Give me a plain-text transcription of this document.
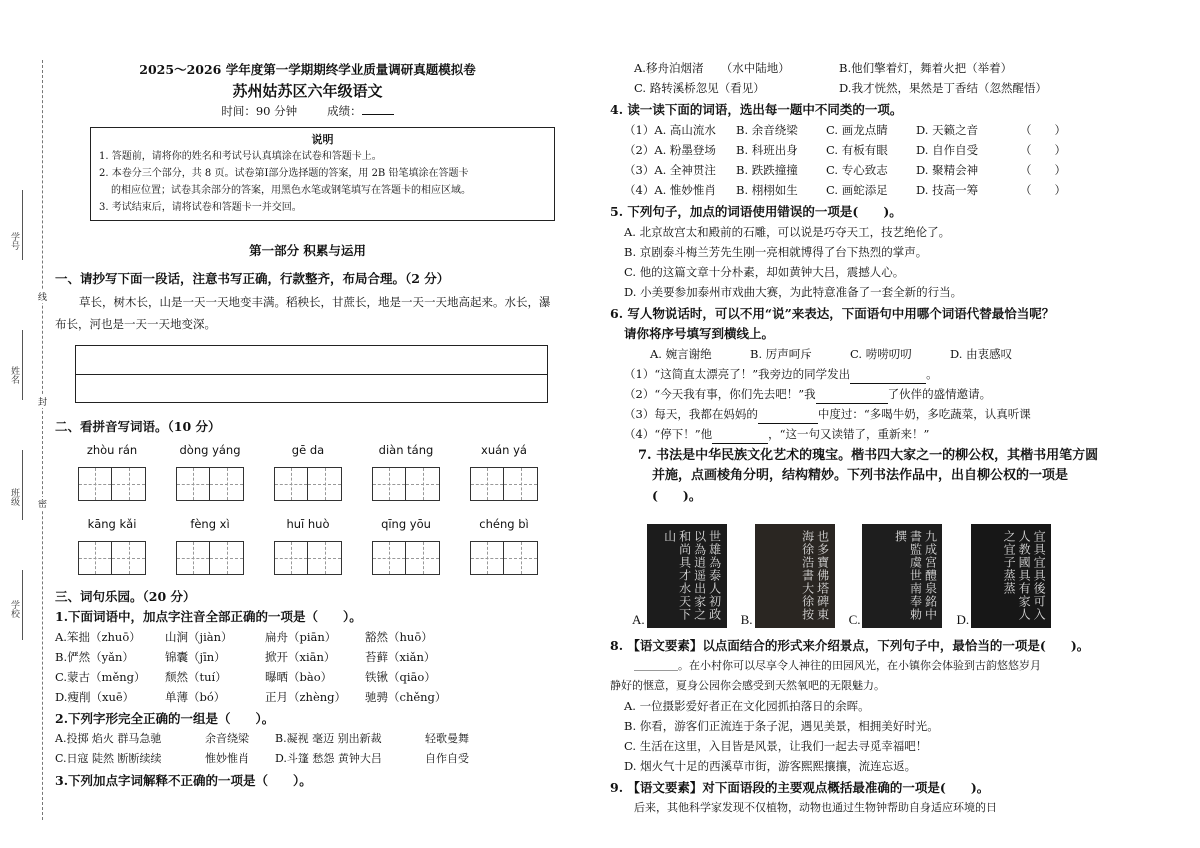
学号
姓名
班级
学校
线
封
密
2025～2026 学年度第一学期期终学业质量调研真题模拟卷
苏州姑苏区六年级语文
时间：90 分钟	成绩：
说明

1. 答题前，请将你的姓名和考试号认真填涂在试卷和答题卡上。

2. 本卷分三个部分，共 8 页。试卷第Ⅰ部分选择题的答案，用 2B 铅笔填涂在答题卡

的相应位置；试卷其余部分的答案，用黑色水笔或钢笔填写在答题卡的相应区域。

3. 考试结束后，请将试卷和答题卡一并交回。

第一部分 积累与运用
一、请抄写下面一段话，注意书写正确，行款整齐，布局合理。（2 分）
草长，树木长，山是一天一天地变丰满。稻秧长，甘蔗长，地是一天一天地高起来。水长，瀑布长，河也是一天一天地变深。
二、看拼音写词语。（10 分）
zhòu rán	dòng yáng	gē da	diàn táng	xuán yá
kāng kǎi	fèng xì	huī huò	qīng yōu	chéng bì
三、词句乐园。（20 分）
1.下面词语中，加点字注音全部正确的一项是（　　）。
A.笨拙（zhuō）	山涧（jiàn）	扁舟（piān）	豁然（huō）
B.俨然（yǎn）	锦囊（jīn）	掀开（xiān）	苔藓（xiǎn）
C.蒙古（měng）	颓然（tuí）	曝晒（bào）	铁锹（qiāo）
D.瘦削（xuē）	单薄（bó）	正月（zhèng）	驰骋（chěng）
2.下列字形完全正确的一组是（　　）。
A.投掷 焰火 群马急驰	余音绕梁	B.凝视 毫迈 别出新裁	轻歌曼舞
C.日寇 陡然 断断续续	惟妙惟肖	D.斗篷 愁怨 黄钟大吕	自作自受
3.下列加点字词解释不正确的一项是（　　）。
A.移舟泊烟渚　　（水中陆地）	B.他们擎着灯，舞着火把（举着）
C. 路转溪桥忽见（看见）	D.我才恍然，果然是丁香结（忽然醒悟）
4. 读一读下面的词语，选出每一题中不同类的一项。
（1）A. 高山流水	B. 余音绕梁	C. 画龙点睛	D. 天籁之音	（　　）
（2）A. 粉墨登场	B. 科班出身	C. 有板有眼	D. 自作自受	（　　）
（3）A. 全神贯注	B. 跌跌撞撞	C. 专心致志	D. 聚精会神	（　　）
（4）A. 惟妙惟肖	B. 栩栩如生	C. 画蛇添足	D. 技高一筹	（　　）
5. 下列句子，加点的词语使用错误的一项是(　　)。
A. 北京故宫太和殿前的石雕，可以说是巧夺天工，技艺绝伦了。
B. 京剧泰斗梅兰芳先生刚一亮相就博得了台下热烈的掌声。
C. 他的这篇文章十分朴素，却如黄钟大吕，震撼人心。
D. 小美要参加泰州市戏曲大赛，为此特意准备了一套全新的行当。
6. 写人物说话时，可以不用“说”来表达，下面语句中用哪个词语代替最恰当呢？
请你将序号填写到横线上。
A. 婉言谢绝	B. 厉声呵斥	C. 唠唠叨叨	D. 由衷感叹
（1）“这简直太漂亮了！”我旁边的同学发出	。
（2）“今天我有事，你们先去吧！”我	了伙伴的盛情邀请。
（3）每天，我都在妈妈的	中度过：“多喝牛奶，多吃蔬菜，认真听课
（4）“停下！”他	，“这一句又读错了，重新来！”
7. 书法是中华民族文化艺术的瑰宝。楷书四大家之一的柳公权，其楷书用笔方圆
并施，点画棱角分明，结构精妙。下列书法作品中，出自柳公权的一项是
(　　)。
A.	世雄為泰人初政以為逍遥出家之和尚具才水天下山
B.	也多寶佛塔碑東海徐浩書大徐按	C.	九成宮醴泉銘中書監虞世南奉勅撰
D.	宜具宜具後可入人教國具有家人之宜子蒸蒸
8. 【语文要素】以点面结合的形式来介绍景点，下列句子中，最恰当的一项是(　　)。
＿＿＿＿。在小村你可以尽享令人神往的田园风光，在小镇你会体验到古韵悠悠岁月
静好的惬意，夏身公园你会感受到天然氧吧的无限魅力。
A. 一位摄影爱好者正在文化园抓拍落日的余晖。
B. 你看，游客们正流连于条子泥，遇见美景，相拥美好时光。
C. 生活在这里，入目皆是风景，让我们一起去寻觅幸福吧！
D. 烟火气十足的西溪草市街，游客熙熙攘攘，流连忘返。
9. 【语文要素】对下面语段的主要观点概括最准确的一项是(　　)。
后来，其他科学家发现不仅植物，动物也通过生物钟帮助自身适应环境的日
